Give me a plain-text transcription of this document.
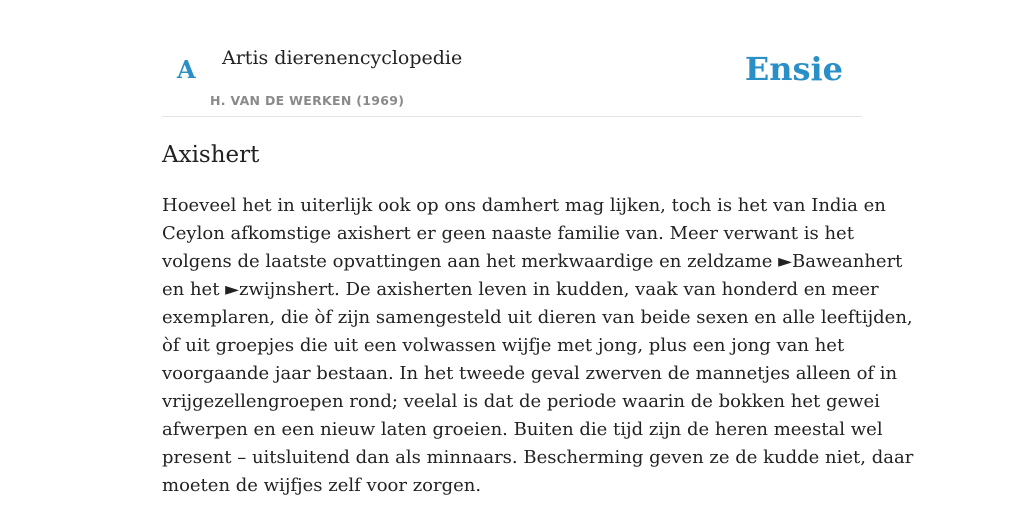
A Artis dierenencyclopedie
H. VAN DE WERKEN (1969)
Ensie
Axishert
Hoeveel het in uiterlijk ook op ons damhert mag lijken, toch is het van India en
Ceylon afkomstige axishert er geen naaste familie van. Meer verwant is het
volgens de laatste opvattingen aan het merkwaardige en zeldzame ►Baweanhert
en het ►zwijnshert. De axisherten leven in kudden, vaak van honderd en meer
exemplaren, die òf zijn samengesteld uit dieren van beide sexen en alle leeftijden,
òf uit groepjes die uit een volwassen wijfje met jong, plus een jong van het
voorgaande jaar bestaan. In het tweede geval zwerven de mannetjes alleen of in
vrijgezellengroepen rond; veelal is dat de periode waarin de bokken het gewei
afwerpen en een nieuw laten groeien. Buiten die tijd zijn de heren meestal wel
present – uitsluitend dan als minnaars. Bescherming geven ze de kudde niet, daar
moeten de wijfjes zelf voor zorgen.
